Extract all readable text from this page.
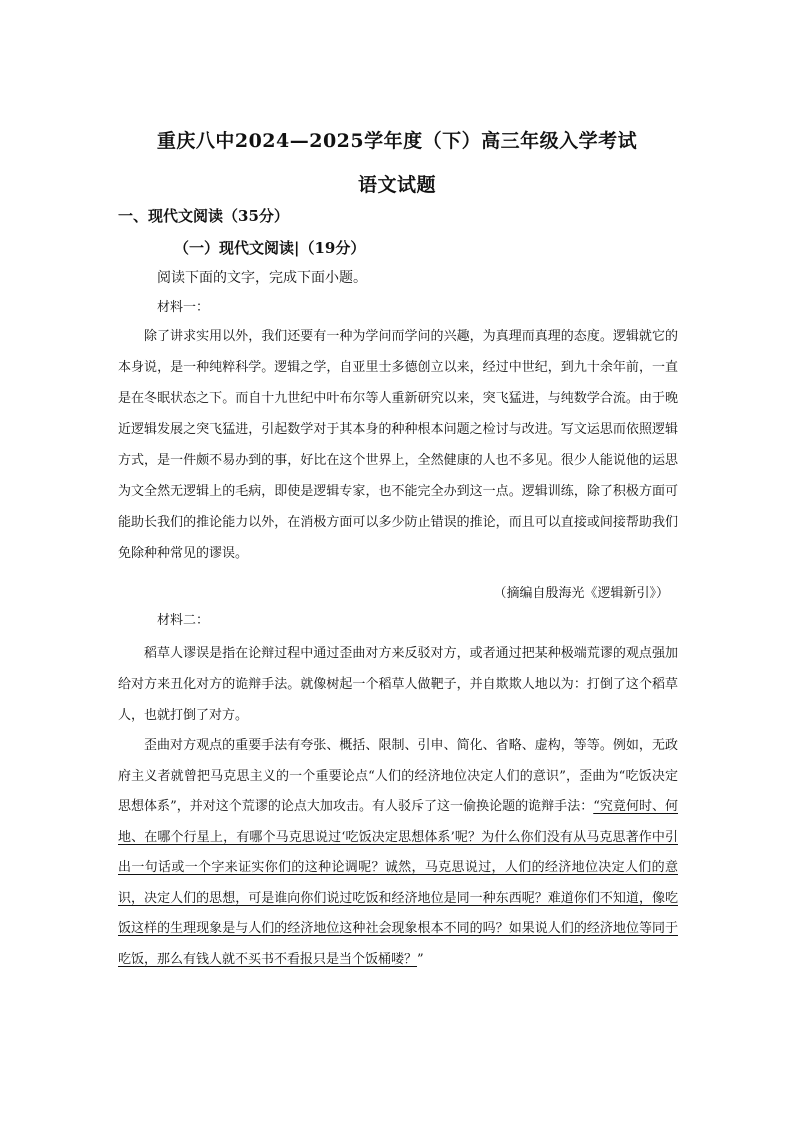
重庆八中2024—2025学年度（下）高三年级入学考试
语文试题
一、现代文阅读（35分）
（一）现代文阅读|（19分）
阅读下面的文字，完成下面小题。
材料一：

除了讲求实用以外，我们还要有一种为学问而学问的兴趣，为真理而真理的态度。逻辑就它的本身说，是一种纯粹科学。逻辑之学，自亚里士多德创立以来，经过中世纪，到九十余年前，一直是在冬眠状态之下。而自十九世纪中叶布尔等人重新研究以来，突飞猛进，与纯数学合流。由于晚近逻辑发展之突飞猛进，引起数学对于其本身的种种根本问题之检讨与改进。写文运思而依照逻辑方式，是一件颇不易办到的事，好比在这个世界上，全然健康的人也不多见。很少人能说他的运思为文全然无逻辑上的毛病，即使是逻辑专家，也不能完全办到这一点。逻辑训练，除了积极方面可能助长我们的推论能力以外，在消极方面可以多少防止错误的推论，而且可以直接或间接帮助我们免除种种常见的谬误。

（摘编自殷海光《逻辑新引》）
材料二：

稻草人谬误是指在论辩过程中通过歪曲对方来反驳对方，或者通过把某种极端荒谬的观点强加给对方来丑化对方的诡辩手法。就像树起一个稻草人做靶子，并自欺欺人地以为：打倒了这个稻草人，也就打倒了对方。

歪曲对方观点的重要手法有夸张、概括、限制、引申、简化、省略、虚构，等等。例如，无政府主义者就曾把马克思主义的一个重要论点“人们的经济地位决定人们的意识”，歪曲为“吃饭决定思想体系”，并对这个荒谬的论点大加攻击。有人驳斥了这一偷换论题的诡辩手法：“究竟何时、何地、在哪个行星上，有哪个马克思说过‘吃饭决定思想体系’呢？为什么你们没有从马克思著作中引出一句话或一个字来证实你们的这种论调呢？诚然，马克思说过，人们的经济地位决定人们的意识，决定人们的思想，可是谁向你们说过吃饭和经济地位是同一种东西呢？难道你们不知道，像吃饭这样的生理现象是与人们的经济地位这种社会现象根本不同的吗？如果说人们的经济地位等同于吃饭，那么有钱人就不买书不看报只是当个饭桶喽？”
